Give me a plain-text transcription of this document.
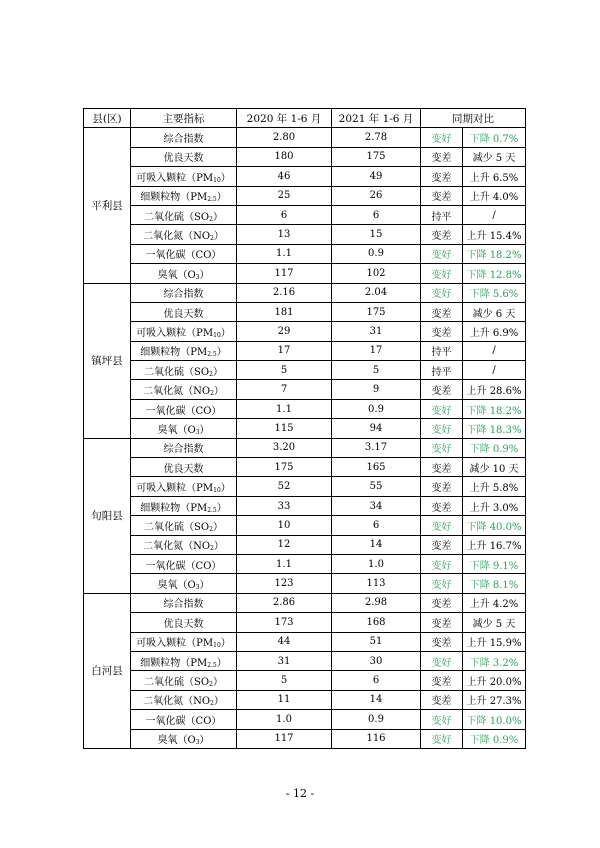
县(区)	主要指标	2020 年 1-6 月	2021 年 1-6 月	同期对比	
平利县	综合指数	2.80	2.78	变好	下降 0.7%
	优良天数	180	175	变差	减少 5 天
	可吸入颗粒$(PM_{10})$	46	49	变差	上升 6.5%
	细颗粒物$(PM_{2.5})$	25	26	变差	上升 4.0%
	二氧化硫$(SO_2)$	6	6	持平	/
	二氧化氮$(NO_2)$	13	15	变差	上升 15.4%
	一氧化碳（CO）	1.1	0.9	变好	下降 18.2%
	臭氧$(O_3)$	117	102	变好	下降 12.8%
镇坪县	综合指数	2.16	2.04	变好	下降 5.6%
	优良天数	181	175	变差	减少 6 天
	可吸入颗粒$(PM_{10})$	29	31	变差	上升 6.9%
	细颗粒物$(PM_{2.5})$	17	17	持平	/
	二氧化硫$(SO_2)$	5	5	持平	/
	二氧化氮$(NO_2)$	7	9	变差	上升 28.6%
	一氧化碳（CO）	1.1	0.9	变好	下降 18.2%
	臭氧$(O_3)$	115	94	变好	下降 18.3%
旬阳县	综合指数	3.20	3.17	变好	下降 0.9%
	优良天数	175	165	变差	减少 10 天
	可吸入颗粒$(PM_{10})$	52	55	变差	上升 5.8%
	细颗粒物$(PM_{2.5})$	33	34	变差	上升 3.0%
	二氧化硫$(SO_2)$	10	6	变好	下降 40.0%
	二氧化氮$(NO_2)$	12	14	变差	上升 16.7%
	一氧化碳（CO）	1.1	1.0	变好	下降 9.1%
	臭氧$(O_3)$	123	113	变好	下降 8.1%
白河县	综合指数	2.86	2.98	变差	上升 4.2%
	优良天数	173	168	变差	减少 5 天
	可吸入颗粒$(PM_{10})$	44	51	变差	上升 15.9%
	细颗粒物$(PM_{2.5})$	31	30	变好	下降 3.2%
	二氧化硫$(SO_2)$	5	6	变差	上升 20.0%
	二氧化氮$(NO_2)$	11	14	变差	上升 27.3%
	一氧化碳（CO）	1.0	0.9	变好	下降 10.0%
	臭氧$(O_3)$	117	116	变好	下降 0.9%
- 12 -
